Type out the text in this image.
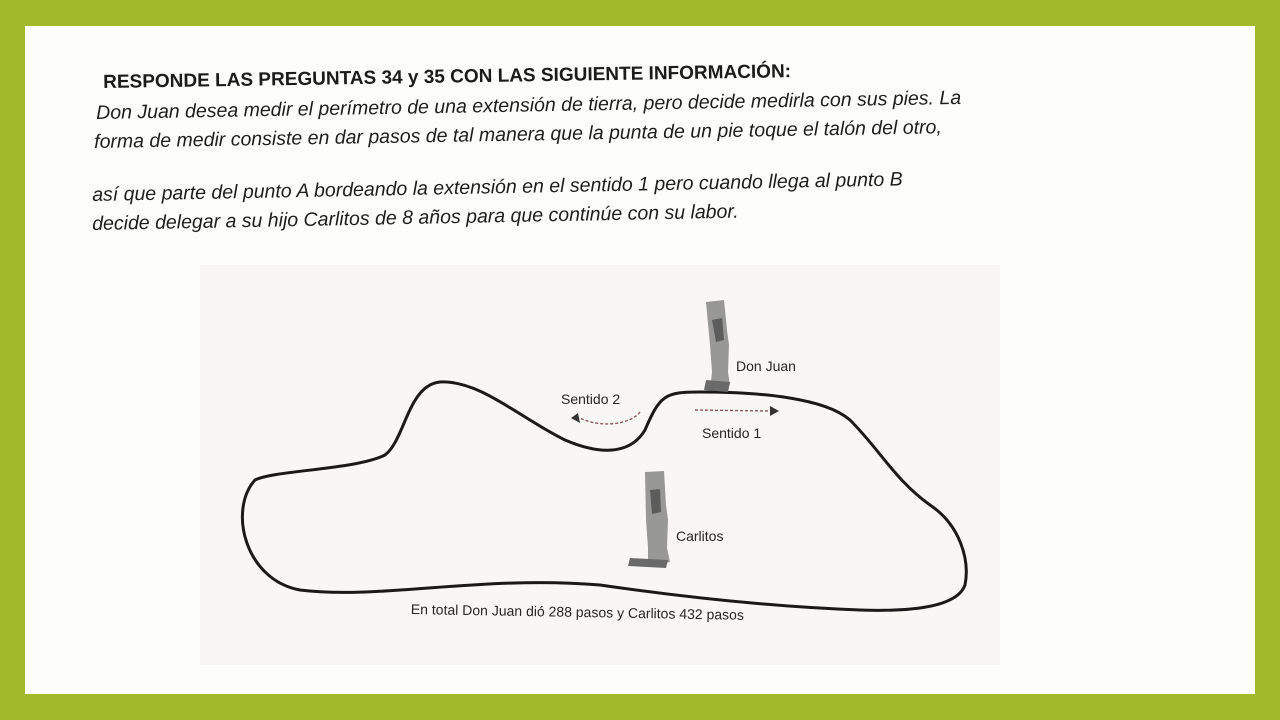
RESPONDE LAS PREGUNTAS 34 y 35 CON LAS SIGUIENTE INFORMACIÓN:
Don Juan desea medir el perímetro de una extensión de tierra, pero decide medirla con sus pies. La
forma de medir consiste en dar pasos de tal manera que la punta de un pie toque el talón del otro,
así que parte del punto A bordeando la extensión en el sentido 1 pero cuando llega al punto B
decide delegar a su hijo Carlitos de 8 años para que continúe con su labor.
Don Juan
Sentido 2
Sentido 1
Carlitos
En total Don Juan dió 288 pasos y Carlitos 432 pasos
